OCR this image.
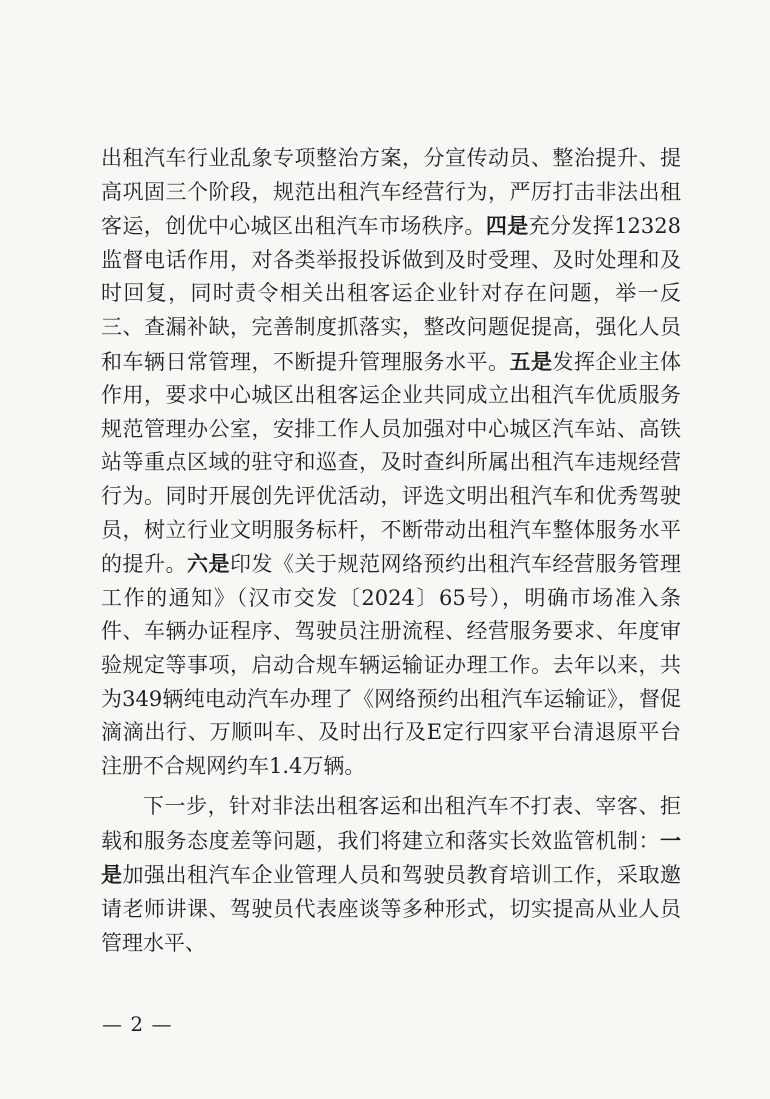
出租汽车行业乱象专项整治方案，分宣传动员、整治提升、提高巩固三个阶段，规范出租汽车经营行为，严厉打击非法出租客运，创优中心城区出租汽车市场秩序。四是充分发挥12328监督电话作用，对各类举报投诉做到及时受理、及时处理和及时回复，同时责令相关出租客运企业针对存在问题，举一反三、查漏补缺，完善制度抓落实，整改问题促提高，强化人员和车辆日常管理，不断提升管理服务水平。五是发挥企业主体作用，要求中心城区出租客运企业共同成立出租汽车优质服务规范管理办公室，安排工作人员加强对中心城区汽车站、高铁站等重点区域的驻守和巡查，及时查纠所属出租汽车违规经营行为。同时开展创先评优活动，评选文明出租汽车和优秀驾驶员，树立行业文明服务标杆，不断带动出租汽车整体服务水平的提升。六是印发《关于规范网络预约出租汽车经营服务管理工作的通知》（汉市交发〔2024〕65号），明确市场准入条件、车辆办证程序、驾驶员注册流程、经营服务要求、年度审验规定等事项，启动合规车辆运输证办理工作。去年以来，共为349辆纯电动汽车办理了《网络预约出租汽车运输证》，督促滴滴出行、万顺叫车、及时出行及E定行四家平台清退原平台注册不合规网约车1.4万辆。

下一步，针对非法出租客运和出租汽车不打表、宰客、拒载和服务态度差等问题，我们将建立和落实长效监管机制：一是加强出租汽车企业管理人员和驾驶员教育培训工作，采取邀请老师讲课、驾驶员代表座谈等多种形式，切实提高从业人员管理水平、

— 2 —
